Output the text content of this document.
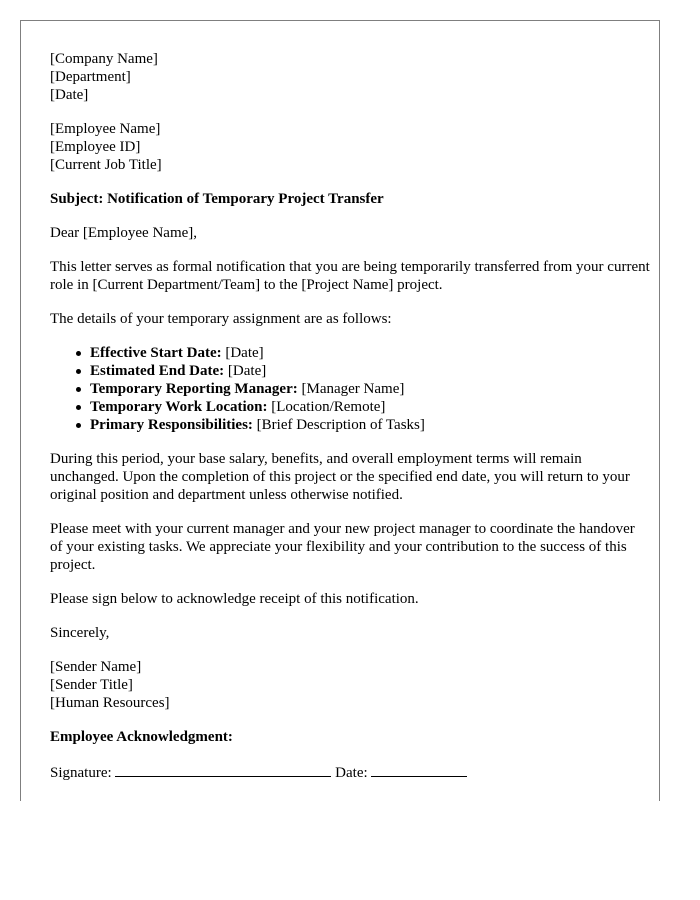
[Company Name]
[Department]
[Date]
[Employee Name]
[Employee ID]
[Current Job Title]
Subject: Notification of Temporary Project Transfer
Dear [Employee Name],
This letter serves as formal notification that you are being temporarily transferred from your current role in [Current Department/Team] to the [Project Name] project.
The details of your temporary assignment are as follows:
Effective Start Date: [Date]
Estimated End Date: [Date]
Temporary Reporting Manager: [Manager Name]
Temporary Work Location: [Location/Remote]
Primary Responsibilities: [Brief Description of Tasks]
During this period, your base salary, benefits, and overall employment terms will remain unchanged. Upon the completion of this project or the specified end date, you will return to your original position and department unless otherwise notified.
Please meet with your current manager and your new project manager to coordinate the handover of your existing tasks. We appreciate your flexibility and your contribution to the success of this project.
Please sign below to acknowledge receipt of this notification.
Sincerely,
[Sender Name]
[Sender Title]
[Human Resources]
Employee Acknowledgment:
Signature:	Date:
